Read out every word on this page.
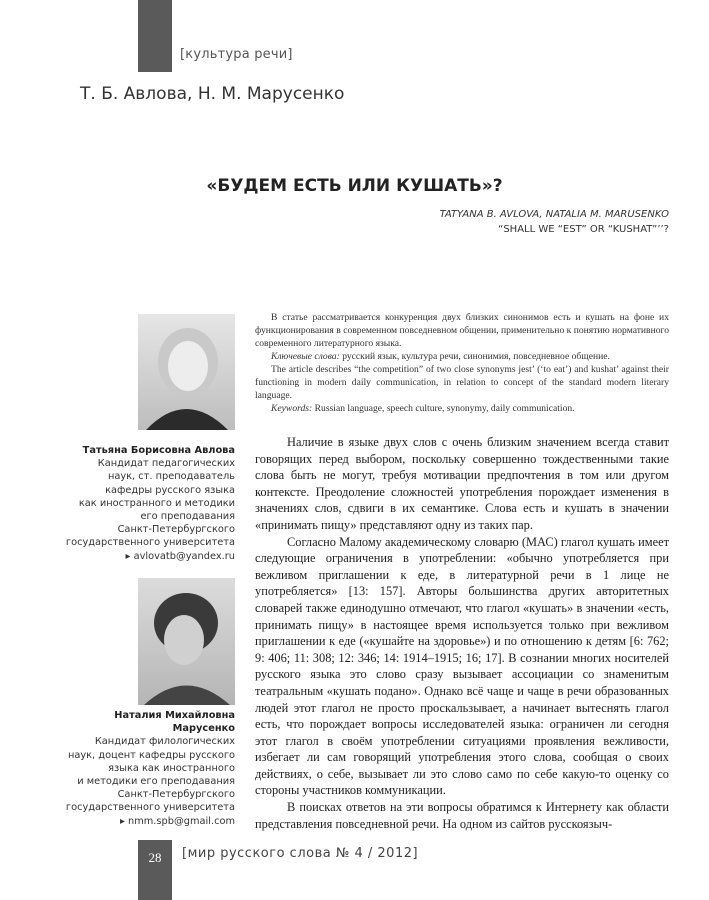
[культура речи]
Т. Б. Авлова, Н. М. Марусенко
«БУДЕМ ЕСТЬ ИЛИ КУШАТЬ»?
TATYANA B. AVLOVA, NATALIA M. MARUSENKO
“SHALL WE “EST” OR “KUSHAT”’’?

В статье рассматривается конкуренция двух близких синонимов есть и кушать на фоне их функционирования в современном повседневном общении, применительно к понятию нормативного современного литературного языка.

Ключевые слова: русский язык, культура речи, синонимия, повседневное общение.

The article describes “the competition” of two close synonyms jest’ (‘to eat’) and kushat’ against their functioning in modern daily communication, in relation to concept of the standard modern literary language.

Keywords: Russian language, speech culture, synonymy, daily communication.

Татьяна Борисовна Авлова
Кандидат педагогических
наук, ст. преподаватель
кафедры русского языка
как иностранного и методики
его преподавания
Санкт-Петербургского
государственного университета
▸ avlovatb@yandex.ru
Наталия Михайловна
Марусенко
Кандидат филологических
наук, доцент кафедры русского
языка как иностранного
и методики его преподавания
Санкт-Петербургского
государственного университета
▸ nmm.spb@gmail.com

Наличие в языке двух слов с очень близким значением всегда ставит говорящих перед выбором, поскольку совершенно тождественными такие слова быть не могут, требуя мотивации предпочтения в том или другом контексте. Преодоление сложностей употребления порождает изменения в значениях слов, сдвиги в их семантике. Слова есть и кушать в значении «принимать пищу» представляют одну из таких пар.

Согласно Малому академическому словарю (МАС) глагол кушать имеет следующие ограничения в употреблении: «обычно употребляется при вежливом приглашении к еде, в литературной речи в 1 лице не употребляется» [13: 157]. Авторы большинства других авторитетных словарей также единодушно отмечают, что глагол «кушать» в значении «есть, принимать пищу» в настоящее время используется только при вежливом приглашении к еде («кушайте на здоровье») и по отношению к детям [6: 762; 9: 406; 11: 308; 12: 346; 14: 1914–1915; 16; 17]. В сознании многих носителей русского языка это слово сразу вызывает ассоциации со знаменитым театральным «кушать подано». Однако всё чаще и чаще в речи образованных людей этот глагол не просто проскальзывает, а начинает вытеснять глагол есть, что порождает вопросы исследователей языка: ограничен ли сегодня этот глагол в своём употреблении ситуациями проявления вежливости, избегает ли сам говорящий употребления этого слова, сообщая о своих действиях, о себе, вызывает ли это слово само по себе какую-то оценку со стороны участников коммуникации.

В поисках ответов на эти вопросы обратимся к Интернету как области представления повседневной речи. На одном из сайтов русскоязыч-

28	[мир русского слова № 4 / 2012]
